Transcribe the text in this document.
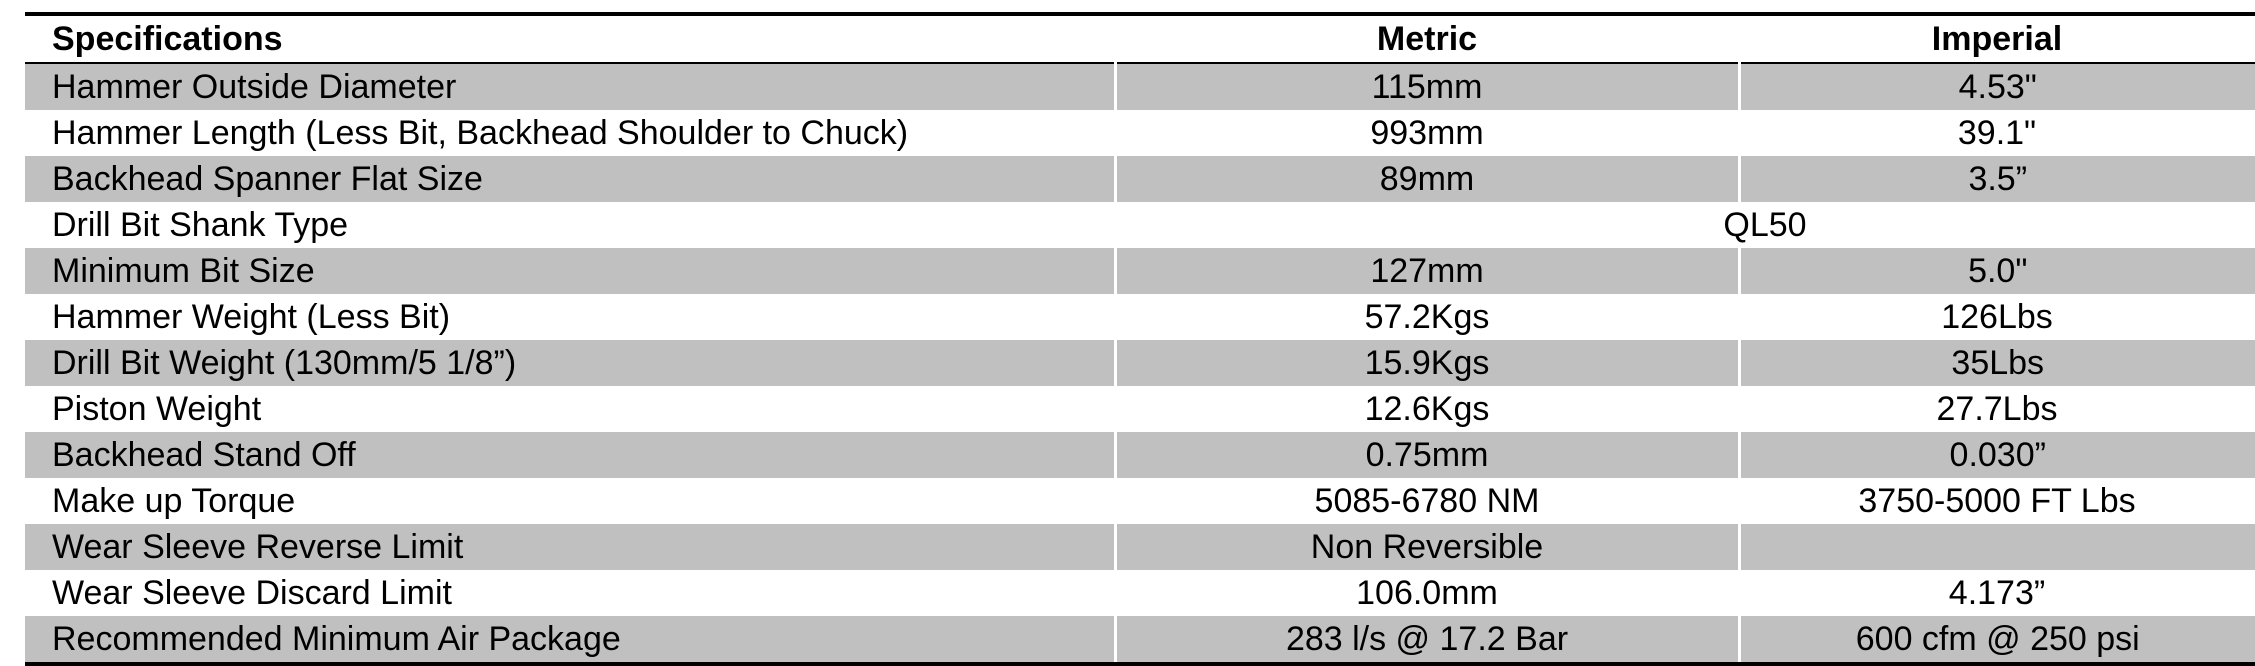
Specifications	Metric	Imperial
Hammer Outside Diameter	115mm	4.53"
Hammer Length (Less Bit, Backhead Shoulder to Chuck)	993mm	39.1"
Backhead Spanner Flat Size	89mm	3.5”
Drill Bit Shank Type	QL50	
Minimum Bit Size	127mm	5.0"
Hammer Weight (Less Bit)	57.2Kgs	126Lbs
Drill Bit Weight (130mm/5 1/8”)	15.9Kgs	35Lbs
Piston Weight	12.6Kgs	27.7Lbs
Backhead Stand Off	0.75mm	0.030”
Make up Torque	5085-6780 NM	3750-5000 FT Lbs
Wear Sleeve Reverse Limit	Non Reversible	
Wear Sleeve Discard Limit	106.0mm	4.173”
Recommended Minimum Air Package	283 l/s @ 17.2 Bar	600 cfm @ 250 psi
